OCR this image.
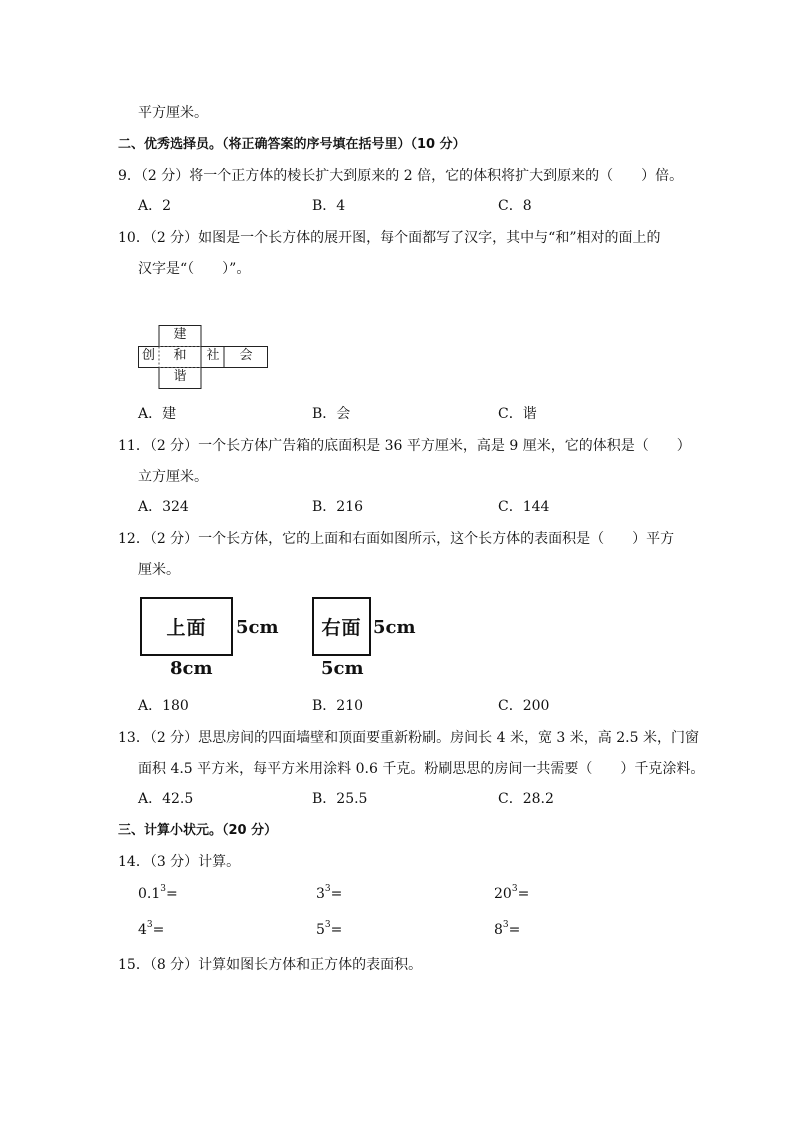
平方厘米。
二、优秀选择员。（将正确答案的序号填在括号里）（10 分）
9．（2 分）将一个正方体的棱长扩大到原来的 2 倍，它的体积将扩大到原来的（　　）倍。
A．2	B．4	C．8
10．（2 分）如图是一个长方体的展开图，每个面都写了汉字，其中与“和”相对的面上的
汉字是“（　　）”。
建
创	和	社	会
谐
A．建	B．会	C．谐
11．（2 分）一个长方体广告箱的底面积是 36 平方厘米，高是 9 厘米，它的体积是（　　）
立方厘米。
A．324	B．216	C．144
12．（2 分）一个长方体，它的上面和右面如图所示，这个长方体的表面积是（　　）平方
厘米。
上面 5cm
8cm
右面 5cm
5cm
A．180	B．210	C．200
13．（2 分）思思房间的四面墙壁和顶面要重新粉刷。房间长 4 米，宽 3 米，高 2.5 米，门窗
面积 4.5 平方米，每平方米用涂料 0.6 千克。粉刷思思的房间一共需要（　　）千克涂料。
A．42.5	B．25.5	C．28.2
三、计算小状元。（20 分）
14．（3 分）计算。
$0.1^3=$	$3^3=$	$20^3=$
$4^3=$	$5^3=$	$8^3=$
15．（8 分）计算如图长方体和正方体的表面积。
